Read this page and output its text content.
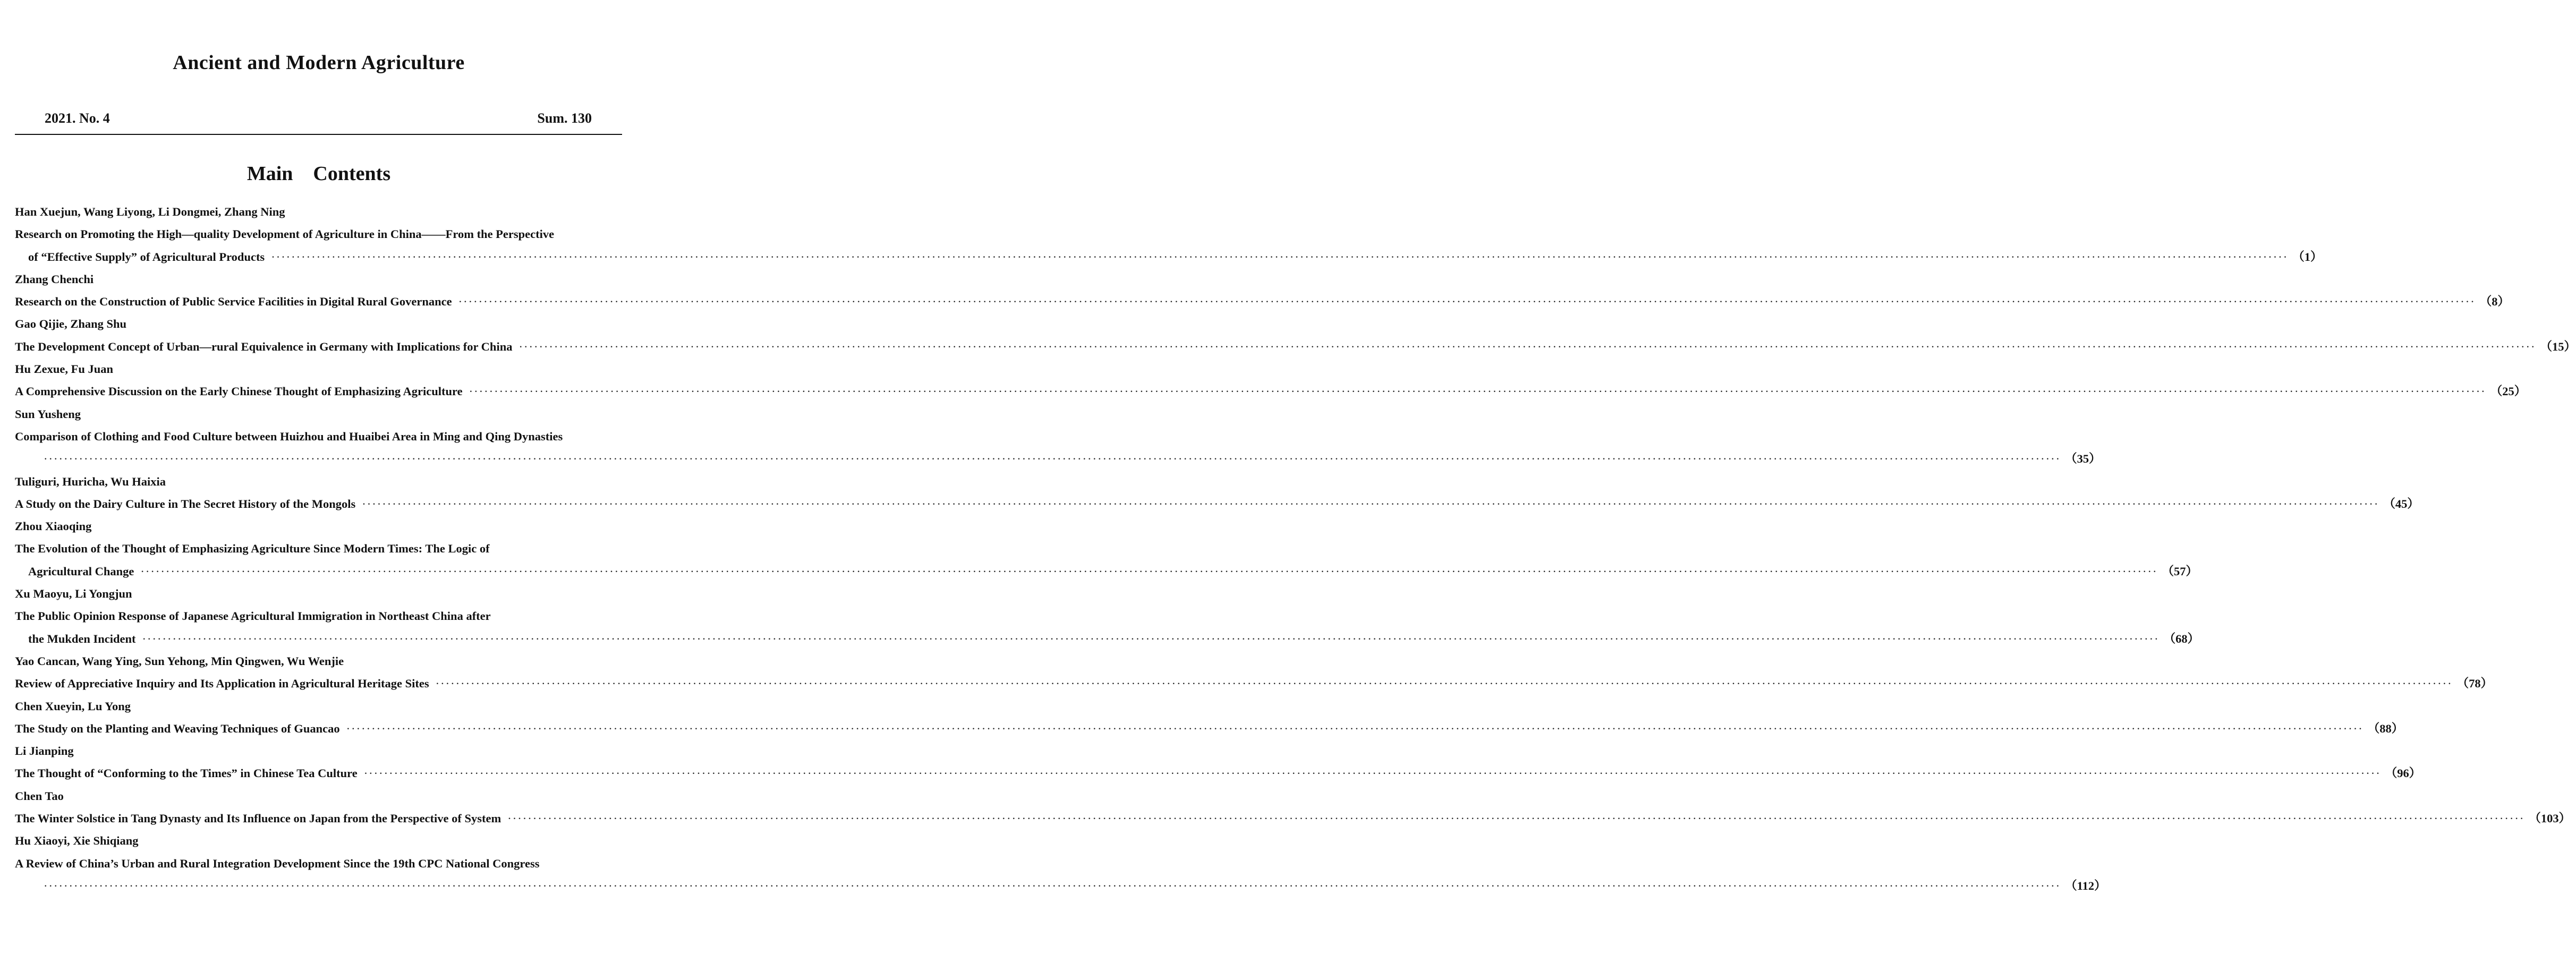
Ancient and Modern Agriculture
2021. No. 4	Sum. 130
Main　Contents
Han Xuejun, Wang Liyong, Li Dongmei, Zhang Ning
Research on Promoting the High—quality Development of Agriculture in China——From the Perspective
of “Effective Supply” of Agricultural Products ················································································································································································································································································································································································································ （1）
Zhang Chenchi
Research on the Construction of Public Service Facilities in Digital Rural Governance ················································································································································································································································································································································································································ （8）
Gao Qijie, Zhang Shu
The Development Concept of Urban—rural Equivalence in Germany with Implications for China ················································································································································································································································································································································································································ （15）
Hu Zexue, Fu Juan
A Comprehensive Discussion on the Early Chinese Thought of Emphasizing Agriculture ················································································································································································································································································································································································································ （25）
Sun Yusheng
Comparison of Clothing and Food Culture between Huizhou and Huaibei Area in Ming and Qing Dynasties
················································································································································································································································································································································································································ （35）
Tuliguri, Huricha, Wu Haixia
A Study on the Dairy Culture in The Secret History of the Mongols ················································································································································································································································································································································································································ （45）
Zhou Xiaoqing
The Evolution of the Thought of Emphasizing Agriculture Since Modern Times: The Logic of
Agricultural Change ················································································································································································································································································································································································································ （57）
Xu Maoyu, Li Yongjun
The Public Opinion Response of Japanese Agricultural Immigration in Northeast China after
the Mukden Incident ················································································································································································································································································································································································································ （68）
Yao Cancan, Wang Ying, Sun Yehong, Min Qingwen, Wu Wenjie
Review of Appreciative Inquiry and Its Application in Agricultural Heritage Sites ················································································································································································································································································································································································································ （78）
Chen Xueyin, Lu Yong
The Study on the Planting and Weaving Techniques of Guancao ················································································································································································································································································································································································································ （88）
Li Jianping
The Thought of “Conforming to the Times” in Chinese Tea Culture ················································································································································································································································································································································································································ （96）
Chen Tao
The Winter Solstice in Tang Dynasty and Its Influence on Japan from the Perspective of System ················································································································································································································································································································································································································ （103）
Hu Xiaoyi, Xie Shiqiang
A Review of China’s Urban and Rural Integration Development Since the 19th CPC National Congress
················································································································································································································································································································································································································ （112）
